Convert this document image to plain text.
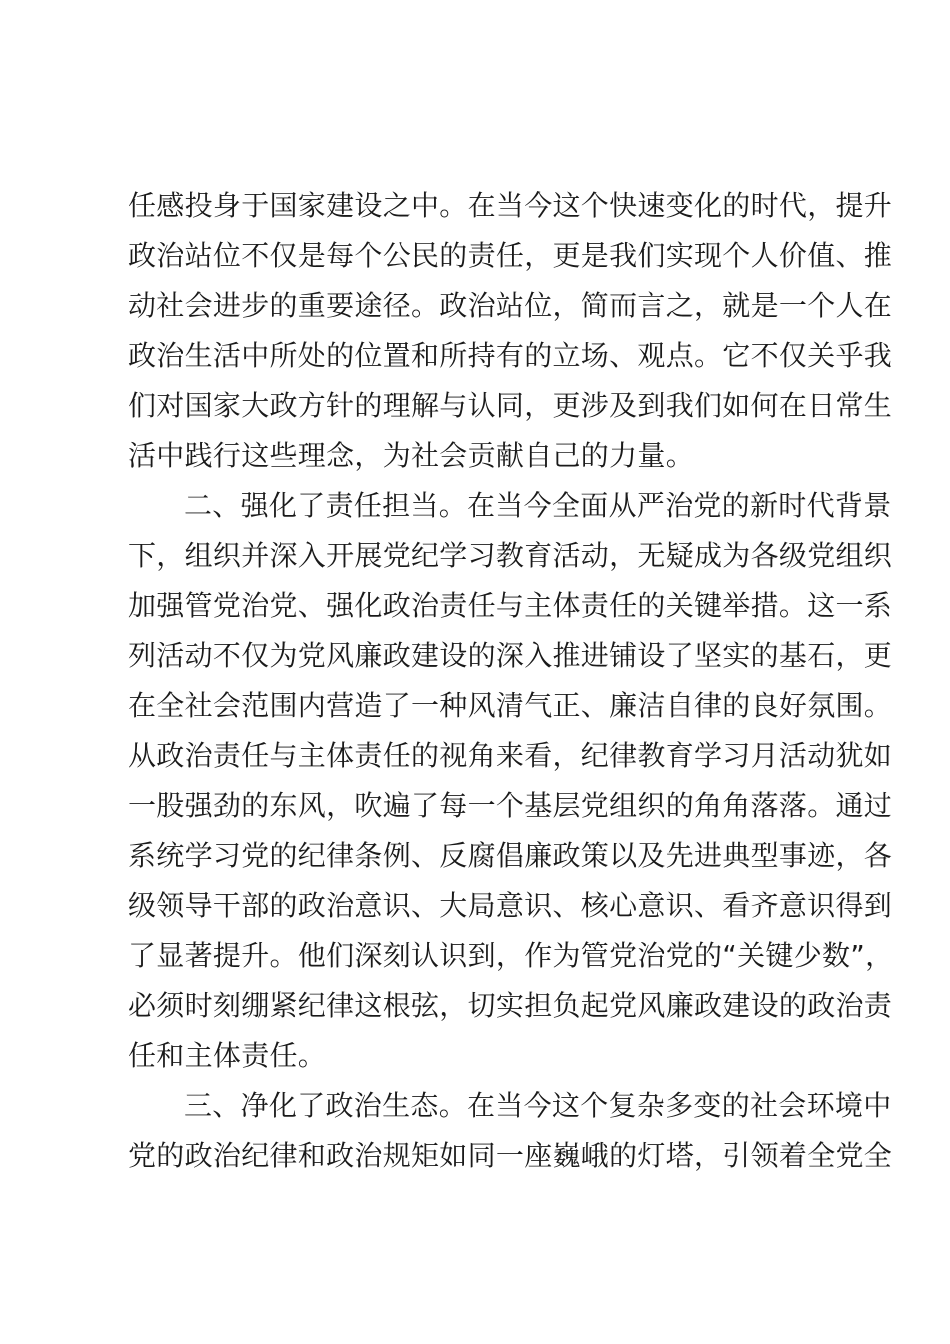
任感投身于国家建设之中。在当今这个快速变化的时代，提升
政治站位不仅是每个公民的责任，更是我们实现个人价值、推
动社会进步的重要途径。政治站位，简而言之，就是一个人在
政治生活中所处的位置和所持有的立场、观点。它不仅关乎我
们对国家大政方针的理解与认同，更涉及到我们如何在日常生
活中践行这些理念，为社会贡献自己的力量。
二、强化了责任担当。在当今全面从严治党的新时代背景
下，组织并深入开展党纪学习教育活动，无疑成为各级党组织
加强管党治党、强化政治责任与主体责任的关键举措。这一系
列活动不仅为党风廉政建设的深入推进铺设了坚实的基石，更
在全社会范围内营造了一种风清气正、廉洁自律的良好氛围。
从政治责任与主体责任的视角来看，纪律教育学习月活动犹如
一股强劲的东风，吹遍了每一个基层党组织的角角落落。通过
系统学习党的纪律条例、反腐倡廉政策以及先进典型事迹，各
级领导干部的政治意识、大局意识、核心意识、看齐意识得到
了显著提升。他们深刻认识到，作为管党治党的“关键少数”，
必须时刻绷紧纪律这根弦，切实担负起党风廉政建设的政治责
任和主体责任。
三、净化了政治生态。在当今这个复杂多变的社会环境中
党的政治纪律和政治规矩如同一座巍峨的灯塔，引领着全党全
